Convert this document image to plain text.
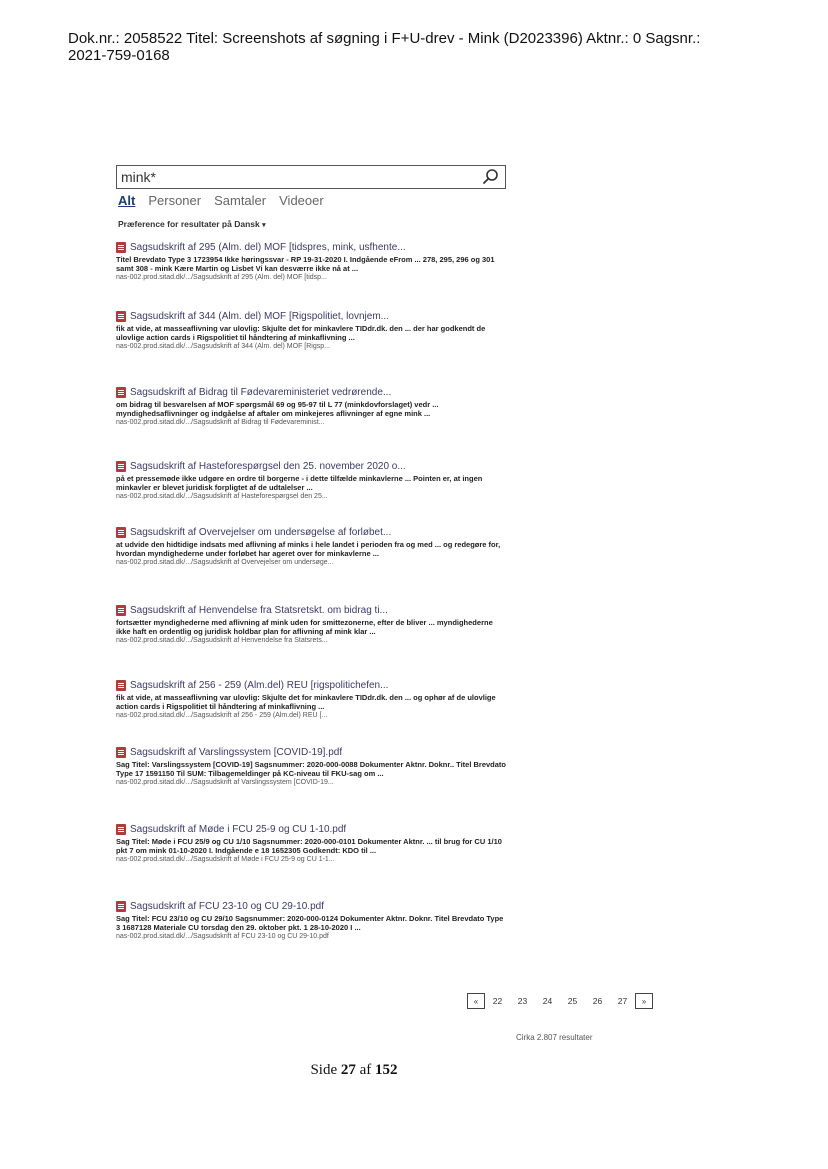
Dok.nr.: 2058522 Titel: Screenshots af søgning i F+U-drev - Mink (D2023396) Aktnr.: 0 Sagsnr.:
2021-759-0168
mink*
Alt Personer Samtaler Videoer
Præference for resultater på Dansk ▾
Sagsudskrift af 295 (Alm. del) MOF [tidspres, mink, usfhente...
Titel Brevdato Type 3 1723954 Ikke høringssvar - RP 19-31-2020 I. Indgående eFrom ... 278, 295, 296 og 301 samt 308 - mink Kære Martin og Lisbet Vi kan desværre ikke nå at ...
nas-002.prod.sitad.dk/.../Sagsudskrift af 295 (Alm. del) MOF [tidsp...
Sagsudskrift af 344 (Alm. del) MOF [Rigspolitiet, lovnjem...
fik at vide, at masseaflivning var ulovlig: Skjulte det for minkavlere TIDdr.dk. den ... der har godkendt de ulovlige action cards i Rigspolitiet til håndtering af minkaflivning ...
nas-002.prod.sitad.dk/.../Sagsudskrift af 344 (Alm. del) MOF [Rigsp...
Sagsudskrift af Bidrag til Fødevareministeriet vedrørende...
om bidrag til besvarelsen af MOF spørgsmål 69 og 95-97 til L 77 (minkdovforslaget) vedr ... myndighedsaflivninger og indgåelse af aftaler om minkejeres aflivninger af egne mink ...
nas-002.prod.sitad.dk/.../Sagsudskrift af Bidrag til Fødevareminist...
Sagsudskrift af Hasteforespørgsel den 25. november 2020 o...
på et pressemøde ikke udgøre en ordre til borgerne - i dette tilfælde minkavlerne ... Pointen er, at ingen minkavler er blevet juridisk forpligtet af de udtalelser ...
nas-002.prod.sitad.dk/.../Sagsudskrift af Hasteforespørgsel den 25...
Sagsudskrift af Overvejelser om undersøgelse af forløbet...
at udvide den hidtidige indsats med aflivning af minks i hele landet i perioden fra og med ... og redegøre for, hvordan myndighederne under forløbet har ageret over for minkavlerne ...
nas-002.prod.sitad.dk/.../Sagsudskrift af Overvejelser om undersøge...
Sagsudskrift af Henvendelse fra Statsretskt. om bidrag ti...
fortsætter myndighederne med aflivning af mink uden for smittezonerne, efter de bliver ... myndighederne ikke haft en ordentlig og juridisk holdbar plan for aflivning af mink klar ...
nas-002.prod.sitad.dk/.../Sagsudskrift af Henvendelse fra Statsrets...
Sagsudskrift af 256 - 259 (Alm.del) REU [rigspolitichefen...
fik at vide, at masseaflivning var ulovlig: Skjulte det for minkavlere TIDdr.dk. den ... og ophør af de ulovlige action cards i Rigspolitiet til håndtering af minkaflivning ...
nas-002.prod.sitad.dk/.../Sagsudskrift af 256 - 259 (Alm.del) REU [...
Sagsudskrift af Varslingssystem [COVID-19].pdf
Sag Titel: Varslingssystem [COVID-19] Sagsnummer: 2020-000-0088 Dokumenter Aktnr. Doknr.. Titel Brevdato Type 17 1591150 Til SUM: Tilbagemeldinger på KC-niveau til FKU-sag om ...
nas-002.prod.sitad.dk/.../Sagsudskrift af Varslingssystem [COVID-19...
Sagsudskrift af Møde i FCU 25-9 og CU 1-10.pdf
Sag Titel: Møde i FCU 25/9 og CU 1/10 Sagsnummer: 2020-000-0101 Dokumenter Aktnr. ... til brug for CU 1/10 pkt 7 om mink 01-10-2020 I. Indgående e 18 1652305 Godkendt: KDO til ...
nas-002.prod.sitad.dk/.../Sagsudskrift af Møde i FCU 25-9 og CU 1-1...
Sagsudskrift af FCU 23-10 og CU 29-10.pdf
Sag Titel: FCU 23/10 og CU 29/10 Sagsnummer: 2020-000-0124 Dokumenter Aktnr. Doknr. Titel Brevdato Type 3 1687128 Materiale CU torsdag den 29. oktober pkt. 1 28-10-2020 I ...
nas-002.prod.sitad.dk/.../Sagsudskrift af FCU 23-10 og CU 29-10.pdf
«	22	23	24	25	26	27	»
Cirka 2.807 resultater
Side 27 af 152
